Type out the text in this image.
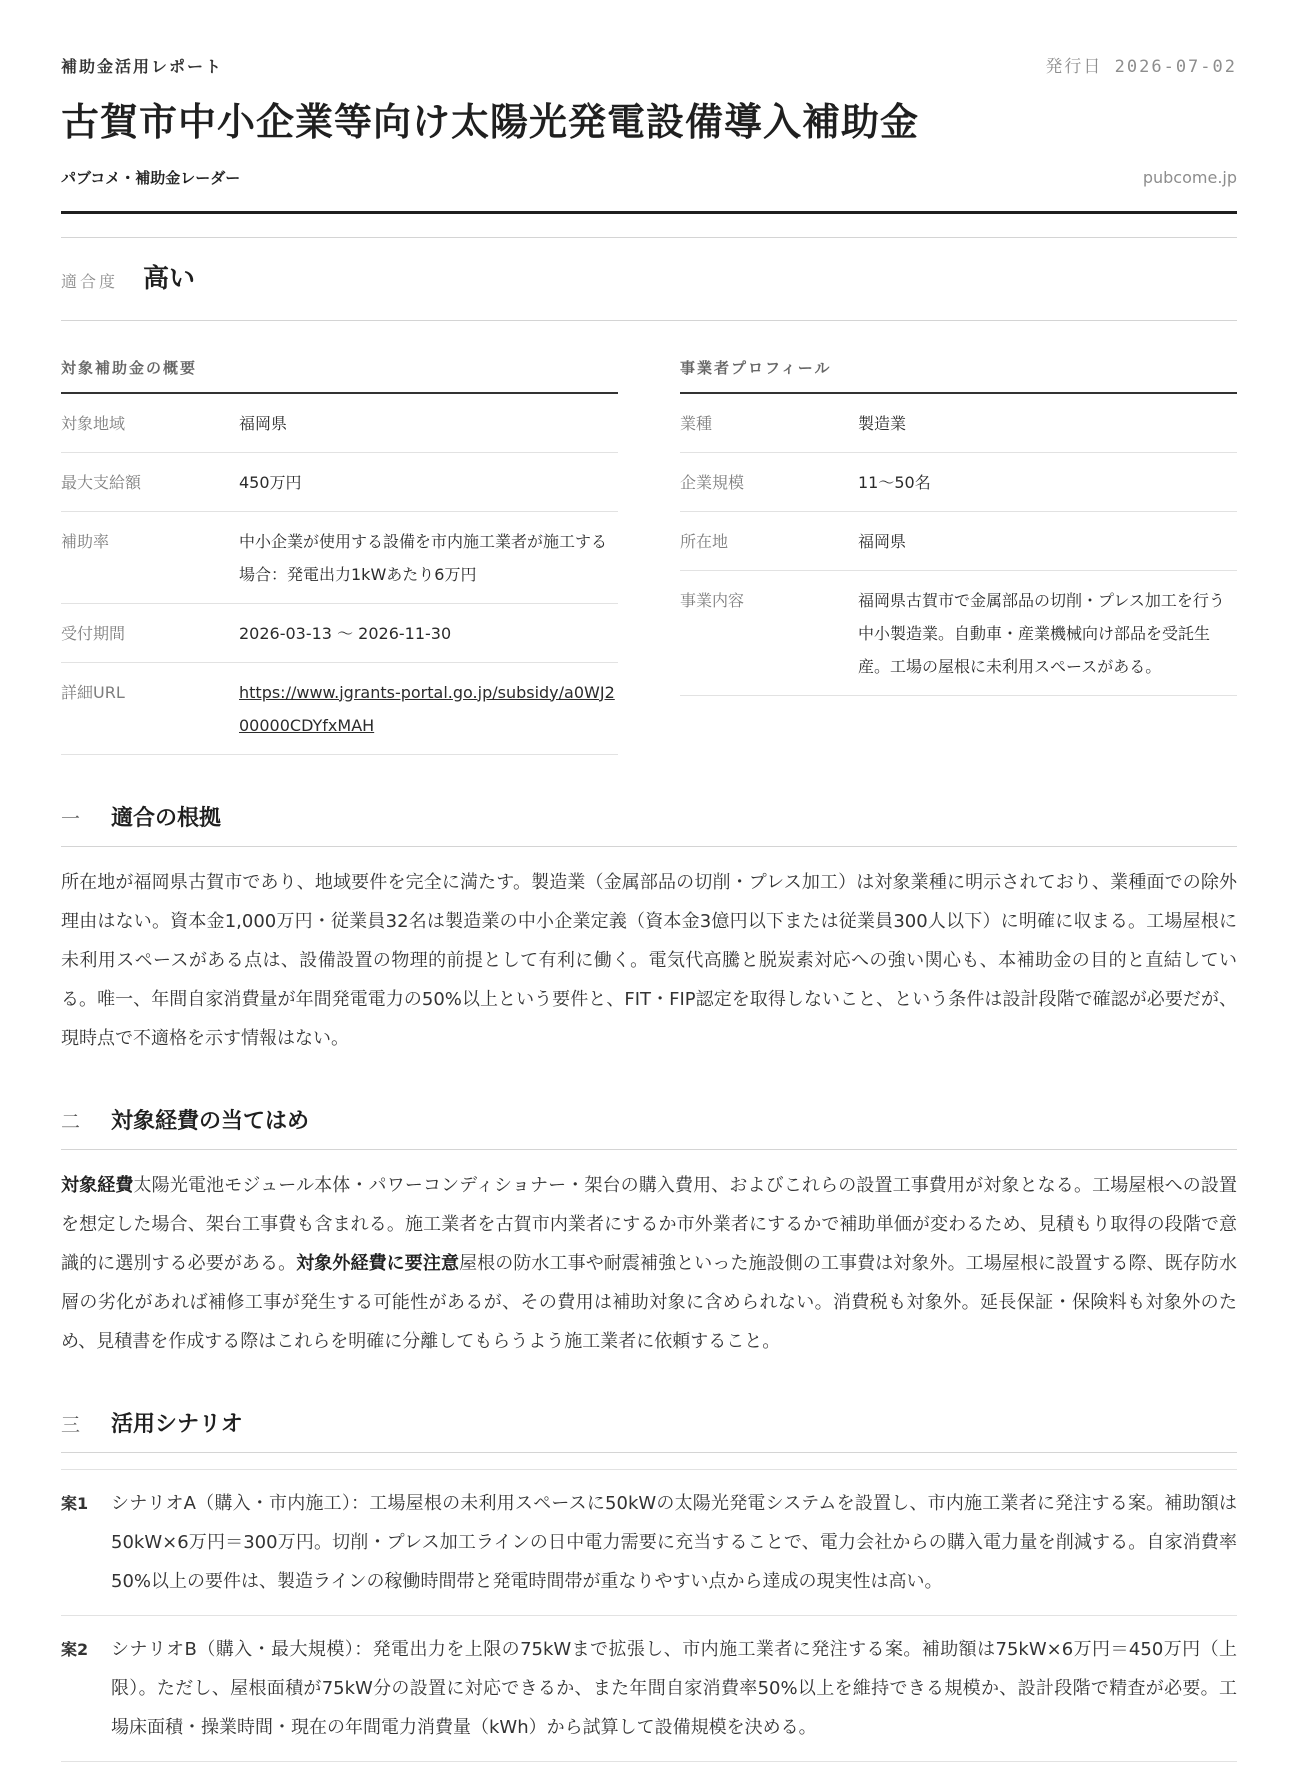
補助金活用レポート	発行日 2026-07-02
古賀市中小企業等向け太陽光発電設備導入補助金
パブコメ・補助金レーダー	pubcome.jp
適合度 高い
対象補助金の概要
対象地域	福岡県
最大支給額	450万円
補助率	中小企業が使用する設備を市内施工業者が施工する場合：発電出力1kWあたり6万円
受付期間	2026-03-13 〜 2026-11-30
詳細URL	https://www.jgrants-portal.go.jp/subsidy/a0WJ200000CDYfxMAH
事業者プロフィール
業種	製造業
企業規模	11〜50名
所在地	福岡県
事業内容	福岡県古賀市で金属部品の切削・プレス加工を行う中小製造業。自動車・産業機械向け部品を受託生産。工場の屋根に未利用スペースがある。
一	適合の根拠

所在地が福岡県古賀市であり、地域要件を完全に満たす。製造業（金属部品の切削・プレス加工）は対象業種に明示されており、業種面での除外理由はない。資本金1,000万円・従業員32名は製造業の中小企業定義（資本金3億円以下または従業員300人以下）に明確に収まる。工場屋根に未利用スペースがある点は、設備設置の物理的前提として有利に働く。電気代高騰と脱炭素対応への強い関心も、本補助金の目的と直結している。唯一、年間自家消費量が年間発電電力の50%以上という要件と、FIT・FIP認定を取得しないこと、という条件は設計段階で確認が必要だが、現時点で不適格を示す情報はない。

二	対象経費の当てはめ

対象経費太陽光電池モジュール本体・パワーコンディショナー・架台の購入費用、およびこれらの設置工事費用が対象となる。工場屋根への設置を想定した場合、架台工事費も含まれる。施工業者を古賀市内業者にするか市外業者にするかで補助単価が変わるため、見積もり取得の段階で意識的に選別する必要がある。対象外経費に要注意屋根の防水工事や耐震補強といった施設側の工事費は対象外。工場屋根に設置する際、既存防水層の劣化があれば補修工事が発生する可能性があるが、その費用は補助対象に含められない。消費税も対象外。延長保証・保険料も対象外のため、見積書を作成する際はこれらを明確に分離してもらうよう施工業者に依頼すること。

三	活用シナリオ
案1	シナリオA（購入・市内施工）：工場屋根の未利用スペースに50kWの太陽光発電システムを設置し、市内施工業者に発注する案。補助額は50kW×6万円＝300万円。切削・プレス加工ラインの日中電力需要に充当することで、電力会社からの購入電力量を削減する。自家消費率50%以上の要件は、製造ラインの稼働時間帯と発電時間帯が重なりやすい点から達成の現実性は高い。
案2	シナリオB（購入・最大規模）：発電出力を上限の75kWまで拡張し、市内施工業者に発注する案。補助額は75kW×6万円＝450万円（上限）。ただし、屋根面積が75kW分の設置に対応できるか、また年間自家消費率50%以上を維持できる規模か、設計段階で精査が必要。工場床面積・操業時間・現在の年間電力消費量（kWh）から試算して設備規模を決める。
